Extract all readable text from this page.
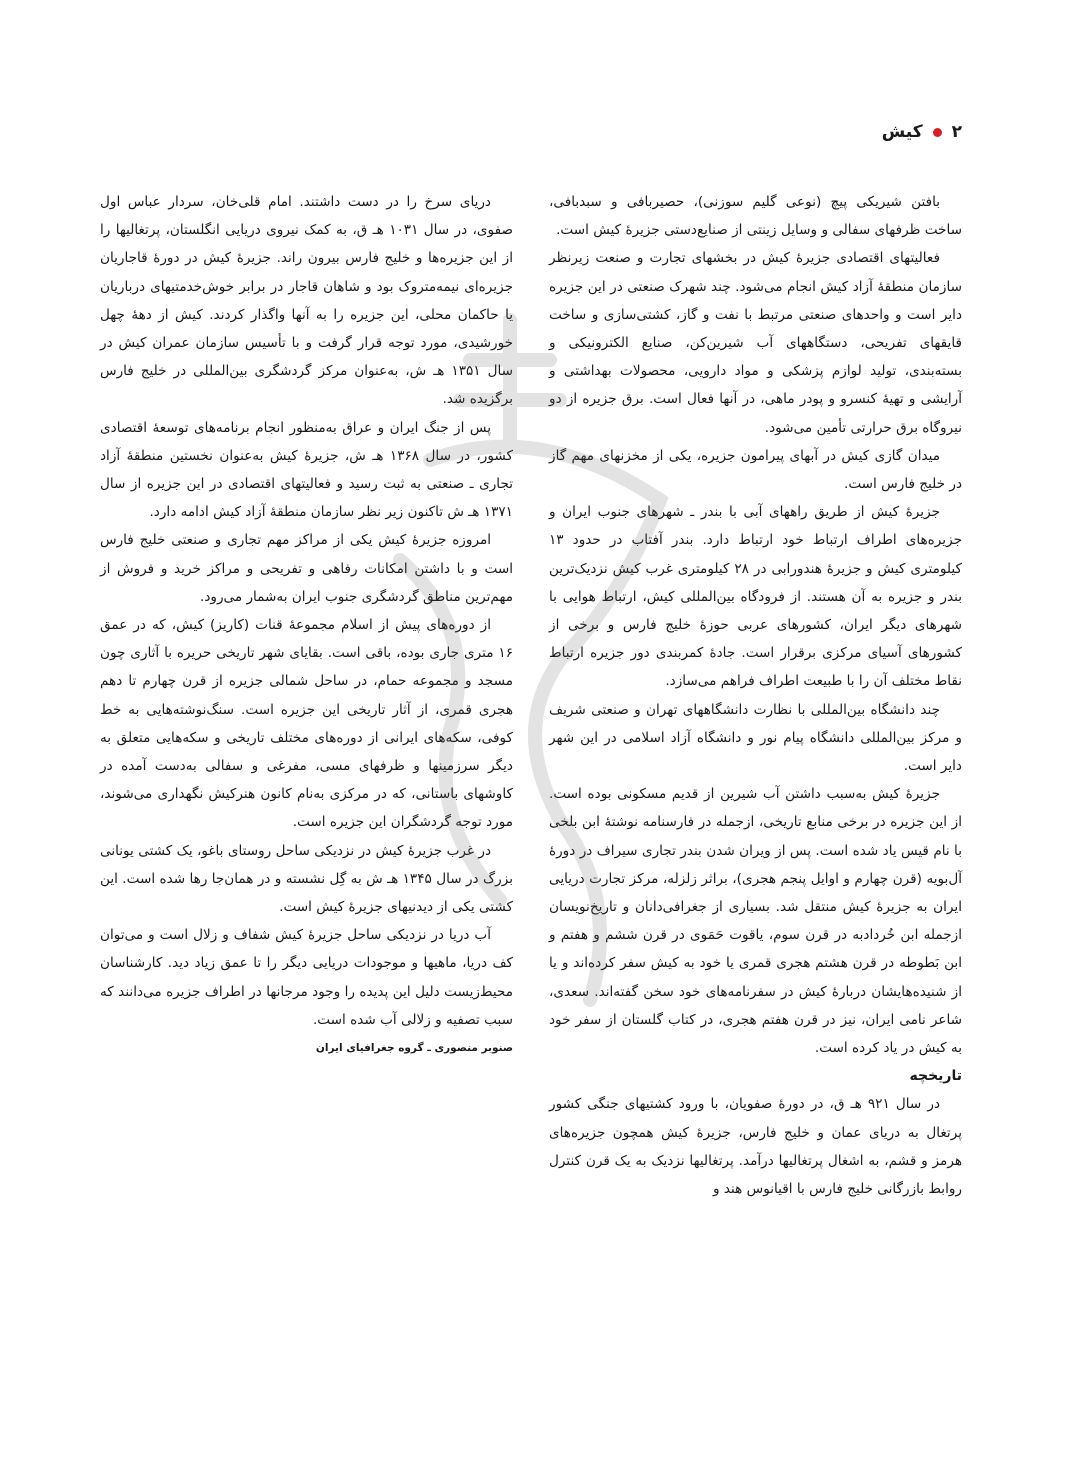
۲
کیش

بافتن شیریکی پیچ (نوعی گلیم سوزنی)، حصیربافی و سبدبافی، ساخت ظرفهای سفالی و وسایل زینتی از صنایع‌دستی جزیرۀ کیش است.

فعالیتهای اقتصادی جزیرۀ کیش در بخشهای تجارت و صنعت زیرنظر سازمان منطقۀ آزاد کیش انجام می‌شود. چند شهرک صنعتی در این جزیره دایر است و واحدهای صنعتی مرتبط با نفت و گاز، کشتی‌سازی و ساخت قایقهای تفریحی، دستگاههای آب شیرین‌کن، صنایع الکترونیکی و بسته‌بندی، تولید لوازم پزشکی و مواد دارویی، محصولات بهداشتی و آرایشی و تهیۀ کنسرو و پودر ماهی، در آنها فعال است. برق جزیره از دو نیروگاه برق حرارتی تأمین می‌شود.

میدان گازی کیش در آبهای پیرامون جزیره، یکی از مخزنهای مهم گاز در خلیج فارس است.

جزیرۀ کیش از طریق راههای آبی با بندر ـ شهرهای جنوب ایران و جزیره‌های اطراف ارتباط خود ارتباط دارد. بندر آفتاب در حدود ۱۳ کیلومتری کیش و جزیرۀ هندورابی در ۲۸ کیلومتری غرب کیش نزدیک‌ترین بندر و جزیره به آن هستند. از فرودگاه بین‌المللی کیش، ارتباط هوایی با شهرهای دیگر ایران، کشورهای عربی حوزۀ خلیج فارس و برخی از کشورهای آسیای مرکزی برقرار است. جادۀ کمربندی دور جزیره ارتباط نقاط مختلف آن را با طبیعت اطراف فراهم می‌سازد.

چند دانشگاه بین‌المللی با نظارت دانشگاههای تهران و صنعتی شریف و مرکز بین‌المللی دانشگاه پیام نور و دانشگاه آزاد اسلامی در این شهر دایر است.

جزیرۀ کیش به‌سبب داشتن آب شیرین از قدیم مسکونی بوده است. از این جزیره در برخی منابع تاریخی، ازجمله در فارسنامه نوشتۀ ابن بلخی با نام قیس یاد شده است. پس از ویران شدن بندر تجاری سیراف در دورۀ آل‌بویه (قرن چهارم و اوایل پنجم هجری)، براثر زلزله، مرکز تجارت دریایی ایران به جزیرۀ کیش منتقل شد. بسیاری از جغرافی‌دانان و تاریخ‌نویسان ازجمله ابن خُردادبه در قرن سوم، یاقوت حَمَوی در قرن ششم و هفتم و ابن بَطوطه در قرن هشتم هجری قمری یا خود به کیش سفر کرده‌اند و یا از شنیده‌هایشان دربارۀ کیش در سفرنامه‌های خود سخن گفته‌اند. سعدی، شاعر نامی ایران، نیز در قرن هفتم هجری، در کتاب گلستان از سفر خود به کیش در یاد کرده است.

تاریخچه

در سال ۹۲۱ هـ ق، در دورۀ صفویان، با ورود کشتیهای جنگی کشور پرتغال به دریای عمان و خلیج فارس، جزیرۀ کیش همچون جزیره‌های هرمز و قشم، به اشغال پرتغالیها درآمد. پرتغالیها نزدیک به یک قرن کنترل روابط بازرگانی خلیج فارس با اقیانوس هند و

دریای سرخ را در دست داشتند. امام قلی‌خان، سردار عباس اول صفوی، در سال ۱۰۳۱ هـ ق، به کمک نیروی دریایی انگلستان، پرتغالیها را از این جزیره‌ها و خلیج فارس بیرون راند. جزیرۀ کیش در دورۀ قاجاریان جزیره‌ای نیمه‌متروک بود و شاهان قاجار در برابر خوش‌خدمتیهای درباریان یا حاکمان محلی، این جزیره را به آنها واگذار کردند. کیش از دهۀ چهل خورشیدی، مورد توجه قرار گرفت و با تأسیس سازمان عمران کیش در سال ۱۳۵۱ هـ ش، به‌عنوان مرکز گردشگری بین‌المللی در خلیج فارس برگزیده شد.

پس از جنگ ایران و عراق به‌منظور انجام برنامه‌های توسعۀ اقتصادی کشور، در سال ۱۳۶۸ هـ ش، جزیرۀ کیش به‌عنوان نخستین منطقۀ آزاد تجاری ـ صنعتی به ثبت رسید و فعالیتهای اقتصادی در این جزیره از سال ۱۳۷۱ هـ ش تاکنون زیر نظر سازمان منطقۀ آزاد کیش ادامه دارد.

امروزه جزیرۀ کیش یکی از مراکز مهم تجاری و صنعتی خلیج فارس است و با داشتن امکانات رفاهی و تفریحی و مراکز خرید و فروش از مهم‌ترین مناطق گردشگری جنوب ایران به‌شمار می‌رود.

از دوره‌های پیش از اسلام مجموعۀ قنات (کاریز) کیش، که در عمق ۱۶ متری جاری بوده، باقی است. بقایای شهر تاریخی حریره با آثاری چون مسجد و مجموعه حمام، در ساحل شمالی جزیره از قرن چهارم تا دهم هجری قمری، از آثار تاریخی این جزیره است. سنگ‌نوشته‌هایی به خط کوفی، سکه‌های ایرانی از دوره‌های مختلف تاریخی و سکه‌هایی متعلق به دیگر سرزمینها و ظرفهای مسی، مفرغی و سفالی به‌دست آمده در کاوشهای باستانی، که در مرکزی به‌نام کانون هنرکیش نگهداری می‌شوند، مورد توجه گردشگران این جزیره است.

در غرب جزیرۀ کیش در نزدیکی ساحل روستای باغو، یک کشتی یونانی بزرگ در سال ۱۳۴۵ هـ ش به گِل نشسته و در همان‌جا رها شده است. این کشتی یکی از دیدنیهای جزیرۀ کیش است.

آب دریا در نزدیکی ساحل جزیرۀ کیش شفاف و زلال است و می‌توان کف دریا، ماهیها و موجودات دریایی دیگر را تا عمق زیاد دید. کارشناسان محیط‌زیست دلیل این پدیده را وجود مرجانها در اطراف جزیره می‌دانند که سبب تصفیه و زلالی آب شده است.

صنوبر منصوری ـ گروه جغرافیای ایران
